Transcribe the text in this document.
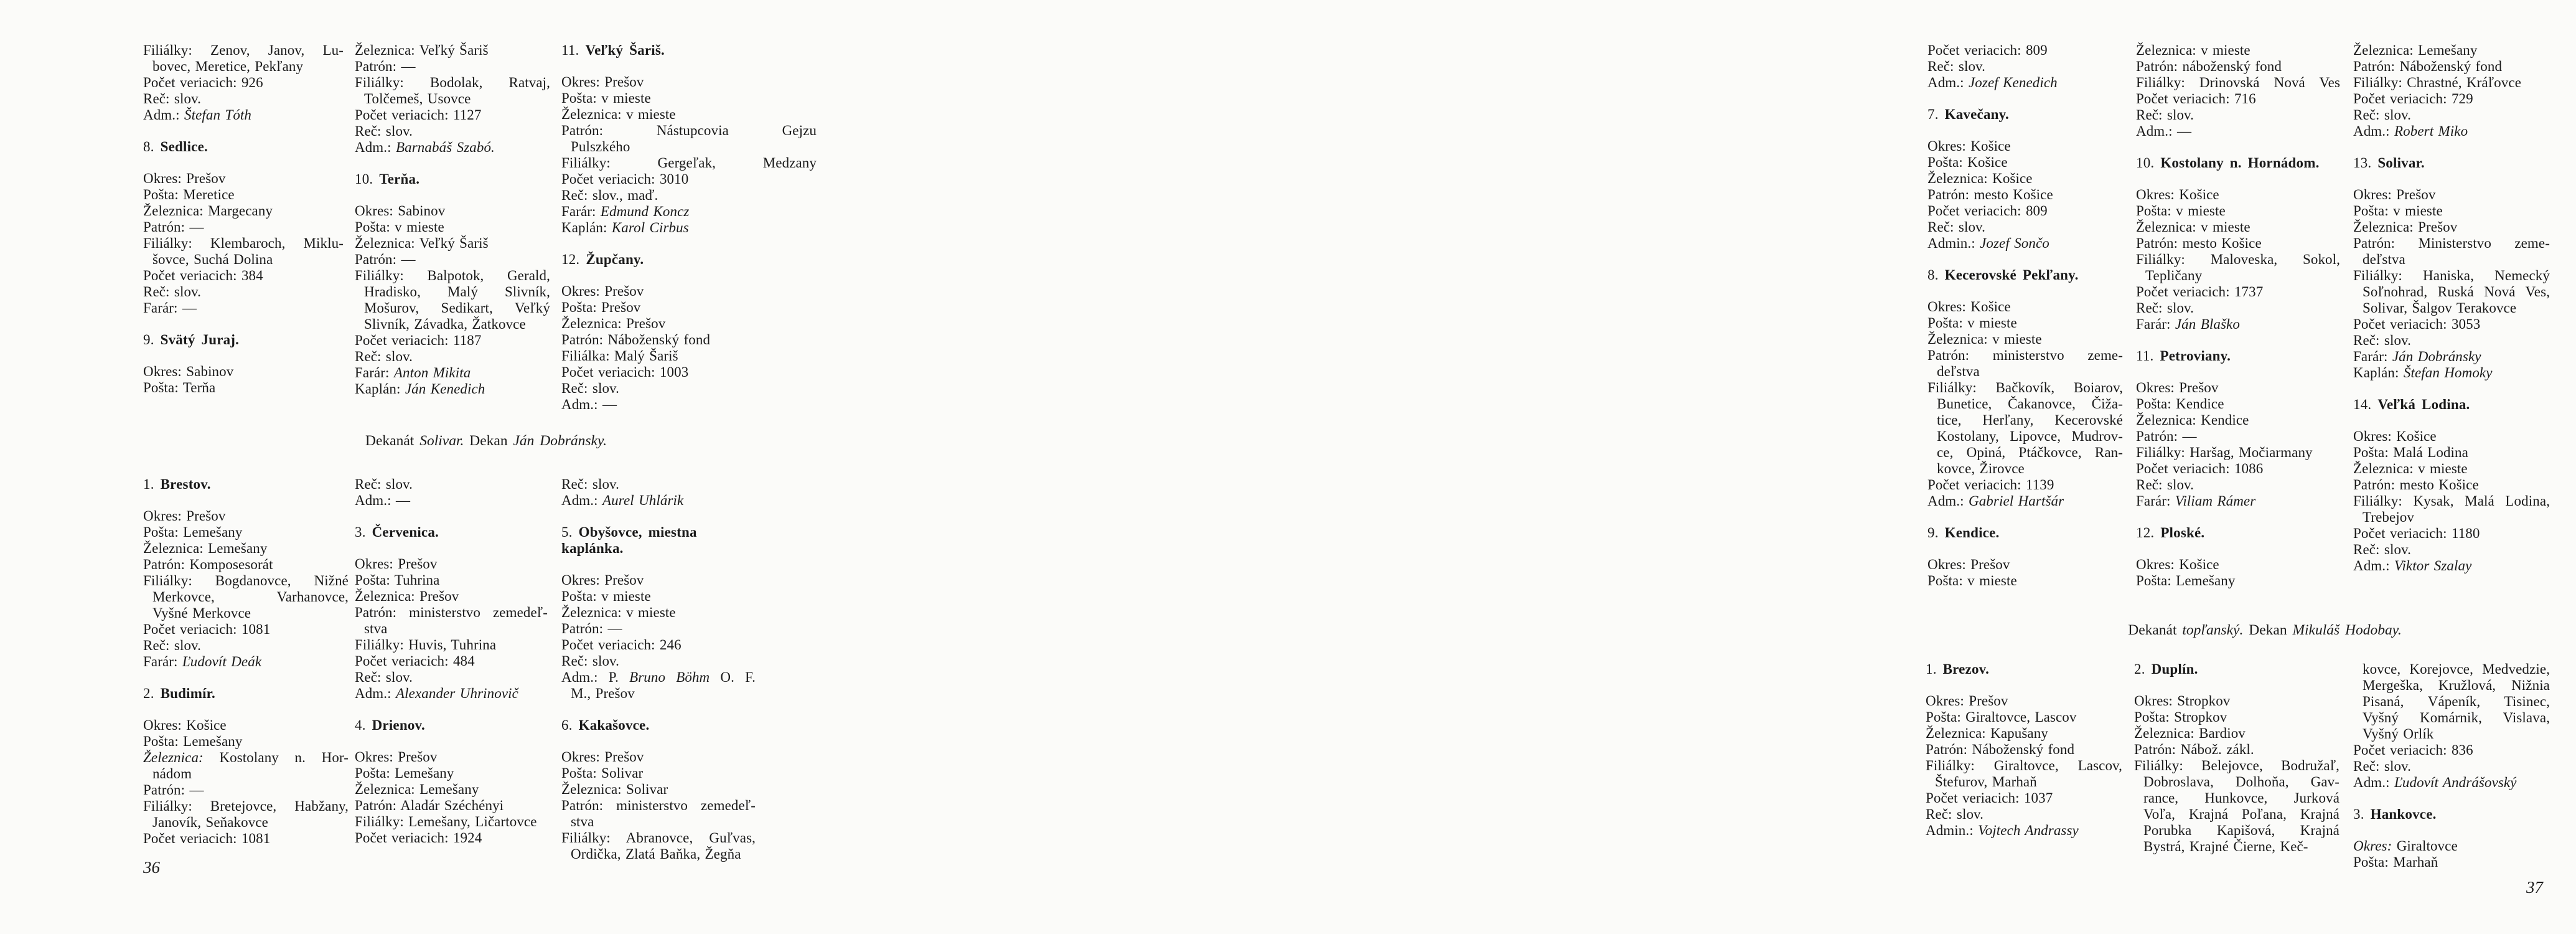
Filiálky: Zenov, Janov, Lu-
bovec, Meretice, Pekľany
Počet veriacich: 926
Reč: slov.
Adm.: Štefan Tóth
8. Sedlice.
Okres: Prešov
Pošta: Meretice
Železnica: Margecany
Patrón: —
Filiálky: Klembaroch, Miklu-
šovce, Suchá Dolina
Počet veriacich: 384
Reč: slov.
Farár: —
9. Svätý Juraj.
Okres: Sabinov
Pošta: Terňa
Železnica: Veľký Šariš
Patrón: —
Filiálky: Bodolak, Ratvaj,
Tolčemeš, Usovce
Počet veriacich: 1127
Reč: slov.
Adm.: Barnabáš Szabó.
10. Terňa.
Okres: Sabinov
Pošta: v mieste
Železnica: Veľký Šariš
Patrón: —
Filiálky: Balpotok, Gerald,
Hradisko, Malý Slivník,
Mošurov, Sedikart, Veľký
Slivník, Závadka, Žatkovce
Počet veriacich: 1187
Reč: slov.
Farár: Anton Mikita
Kaplán: Ján Kenedich
11. Veľký Šariš.
Okres: Prešov
Pošta: v mieste
Železnica: v mieste
Patrón: Nástupcovia Gejzu
Pulszkého
Filiálky: Gergeľak, Medzany
Počet veriacich: 3010
Reč: slov., maď.
Farár: Edmund Koncz
Kaplán: Karol Cirbus
12. Župčany.
Okres: Prešov
Pošta: Prešov
Železnica: Prešov
Patrón: Náboženský fond
Filiálka: Malý Šariš
Počet veriacich: 1003
Reč: slov.
Adm.: —
Dekanát Solivar. Dekan Ján Dobránsky.
1. Brestov.
Okres: Prešov
Pošta: Lemešany
Železnica: Lemešany
Patrón: Komposesorát
Filiálky: Bogdanovce, Nižné
Merkovce, Varhanovce,
Vyšné Merkovce
Počet veriacich: 1081
Reč: slov.
Farár: Ľudovít Deák
2. Budimír.
Okres: Košice
Pošta: Lemešany
Železnica: Kostolany n. Hor-
nádom
Patrón: —
Filiálky: Bretejovce, Habžany,
Janovík, Seňakovce
Počet veriacich: 1081
Reč: slov.
Adm.: —
3. Červenica.
Okres: Prešov
Pošta: Tuhrina
Železnica: Prešov
Patrón: ministerstvo zemedeľ-
stva
Filiálky: Huvis, Tuhrina
Počet veriacich: 484
Reč: slov.
Adm.: Alexander Uhrinovič
4. Drienov.
Okres: Prešov
Pošta: Lemešany
Železnica: Lemešany
Patrón: Aladár Széchényi
Filiálky: Lemešany, Ličartovce
Počet veriacich: 1924
Reč: slov.
Adm.: Aurel Uhlárik
5. Obyšovce, miestna kaplánka.
Okres: Prešov
Pošta: v mieste
Železnica: v mieste
Patrón: —
Počet veriacich: 246
Reč: slov.
Adm.: P. Bruno Böhm O. F.
M., Prešov
6. Kakašovce.
Okres: Prešov
Pošta: Solivar
Železnica: Solivar
Patrón: ministerstvo zemedeľ-
stva
Filiálky: Abranovce, Guľvas,
Ordička, Zlatá Baňka, Žegňa
36
Počet veriacich: 809
Reč: slov.
Adm.: Jozef Kenedich
7. Kavečany.
Okres: Košice
Pošta: Košice
Železnica: Košice
Patrón: mesto Košice
Počet veriacich: 809
Reč: slov.
Admin.: Jozef Sončo
8. Kecerovské Pekľany.
Okres: Košice
Pošta: v mieste
Železnica: v mieste
Patrón: ministerstvo zeme-
deľstva
Filiálky: Bačkovík, Boiarov,
Bunetice, Čakanovce, Čiža-
tice, Herľany, Kecerovské
Kostolany, Lipovce, Mudrov-
ce, Opiná, Ptáčkovce, Ran-
kovce, Žirovce
Počet veriacich: 1139
Adm.: Gabriel Hartšár
9. Kendice.
Okres: Prešov
Pošta: v mieste
Železnica: v mieste
Patrón: náboženský fond
Filiálky: Drinovská Nová Ves
Počet veriacich: 716
Reč: slov.
Adm.: —
10. Kostolany n. Hornádom.
Okres: Košice
Pošta: v mieste
Železnica: v mieste
Patrón: mesto Košice
Filiálky: Maloveska, Sokol,
Tepličany
Počet veriacich: 1737
Reč: slov.
Farár: Ján Blaško
11. Petroviany.
Okres: Prešov
Pošta: Kendice
Železnica: Kendice
Patrón: —
Filiálky: Haršag, Močiarmany
Počet veriacich: 1086
Reč: slov.
Farár: Viliam Rámer
12. Ploské.
Okres: Košice
Pošta: Lemešany
Železnica: Lemešany
Patrón: Náboženský fond
Filiálky: Chrastné, Kráľovce
Počet veriacich: 729
Reč: slov.
Adm.: Robert Miko
13. Solivar.
Okres: Prešov
Pošta: v mieste
Železnica: Prešov
Patrón: Ministerstvo zeme-
deľstva
Filiálky: Haniska, Nemecký
Soľnohrad, Ruská Nová Ves,
Solivar, Šalgov Terakovce
Počet veriacich: 3053
Reč: slov.
Farár: Ján Dobránsky
Kaplán: Štefan Homoky
14. Veľká Lodina.
Okres: Košice
Pošta: Malá Lodina
Železnica: v mieste
Patrón: mesto Košice
Filiálky: Kysak, Malá Lodina,
Trebejov
Počet veriacich: 1180
Reč: slov.
Adm.: Viktor Szalay
Dekanát topľanský. Dekan Mikuláš Hodobay.
1. Brezov.
Okres: Prešov
Pošta: Giraltovce, Lascov
Železnica: Kapušany
Patrón: Náboženský fond
Filiálky: Giraltovce, Lascov,
Štefurov, Marhaň
Počet veriacich: 1037
Reč: slov.
Admin.: Vojtech Andrassy
2. Duplín.
Okres: Stropkov
Pošta: Stropkov
Železnica: Bardiov
Patrón: Nábož. zákl.
Filiálky: Belejovce, Bodružaľ,
Dobroslava, Dolhoňa, Gav-
rance, Hunkovce, Jurková
Voľa, Krajná Poľana, Krajná
Porubka Kapišová, Krajná
Bystrá, Krajné Čierne, Keč-
kovce, Korejovce, Medvedzie,
Mergeška, Kružlová, Nižnia
Pisaná, Vápeník, Tisinec,
Vyšný Komárnik, Vislava,
Vyšný Orlík
Počet veriacich: 836
Reč: slov.
Adm.: Ľudovít Andrášovský
3. Hankovce.
Okres: Giraltovce
Pošta: Marhaň
37
